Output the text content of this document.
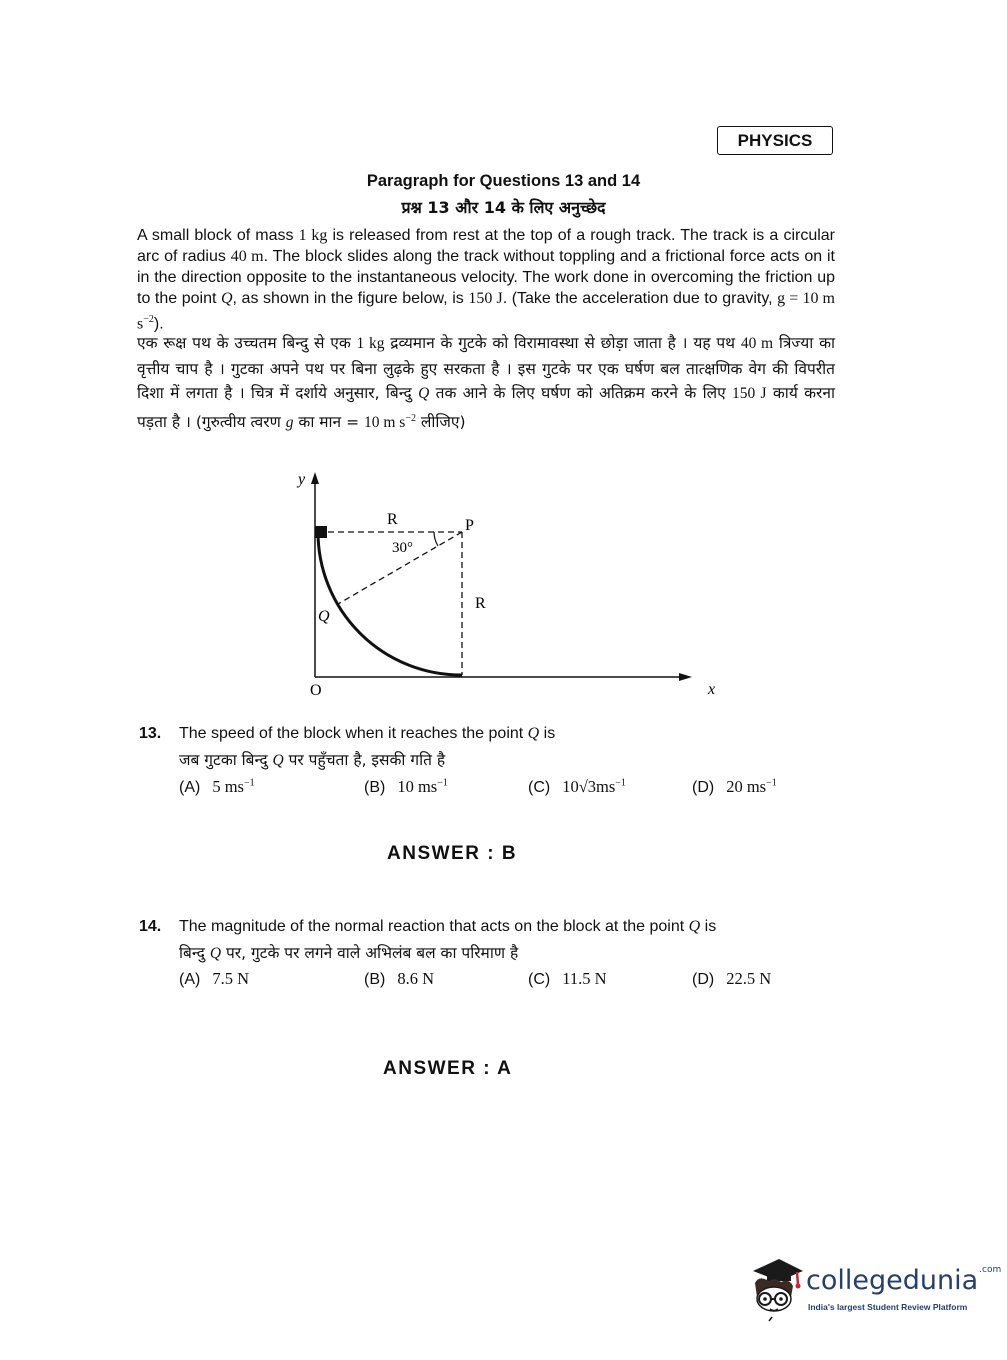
PHYSICS
Paragraph for Questions 13 and 14
प्रश्न 13 और 14 के लिए अनुच्छेद
A small block of mass 1 kg is released from rest at the top of a rough track. The track is a circular arc of radius 40 m. The block slides along the track without toppling and a frictional force acts on it in the direction opposite to the instantaneous velocity. The work done in overcoming the friction up to the point Q, as shown in the figure below, is 150 J. (Take the acceleration due to gravity, g = 10 m $s^{-2}$).
एक रूक्ष पथ के उच्चतम बिन्दु से एक 1 kg द्रव्यमान के गुटके को विरामावस्था से छोड़ा जाता है । यह पथ 40 m त्रिज्या का वृत्तीय चाप है । गुटका अपने पथ पर बिना लुढ़के हुए सरकता है । इस गुटके पर एक घर्षण बल तात्क्षणिक वेग की विपरीत दिशा में लगता है । चित्र में दर्शाये अनुसार, बिन्दु Q तक आने के लिए घर्षण को अतिक्रम करने के लिए 150 J कार्य करना पड़ता है । (गुरुत्वीय त्वरण g का मान = 10 m $s^{-2}$ लीजिए)
y
x
O
R
R
P
Q
30°
13. The speed of the block when it reaches the point Q is
जब गुटका बिन्दु Q पर पहुँचता है, इसकी गति है
(A) 5 $ms^{-1}$	(B) 10 $ms^{-1}$	(C) $10√3ms^{-1}$	(D) 20 $ms^{-1}$
ANSWER : B
14. The magnitude of the normal reaction that acts on the block at the point Q is
बिन्दु Q पर, गुटके पर लगने वाले अभिलंब बल का परिमाण है
(A) 7.5 N	(B) 8.6 N	(C) 11.5 N	(D) 22.5 N
ANSWER : A
collegedunia$^{.com}$
India's largest Student Review Platform
